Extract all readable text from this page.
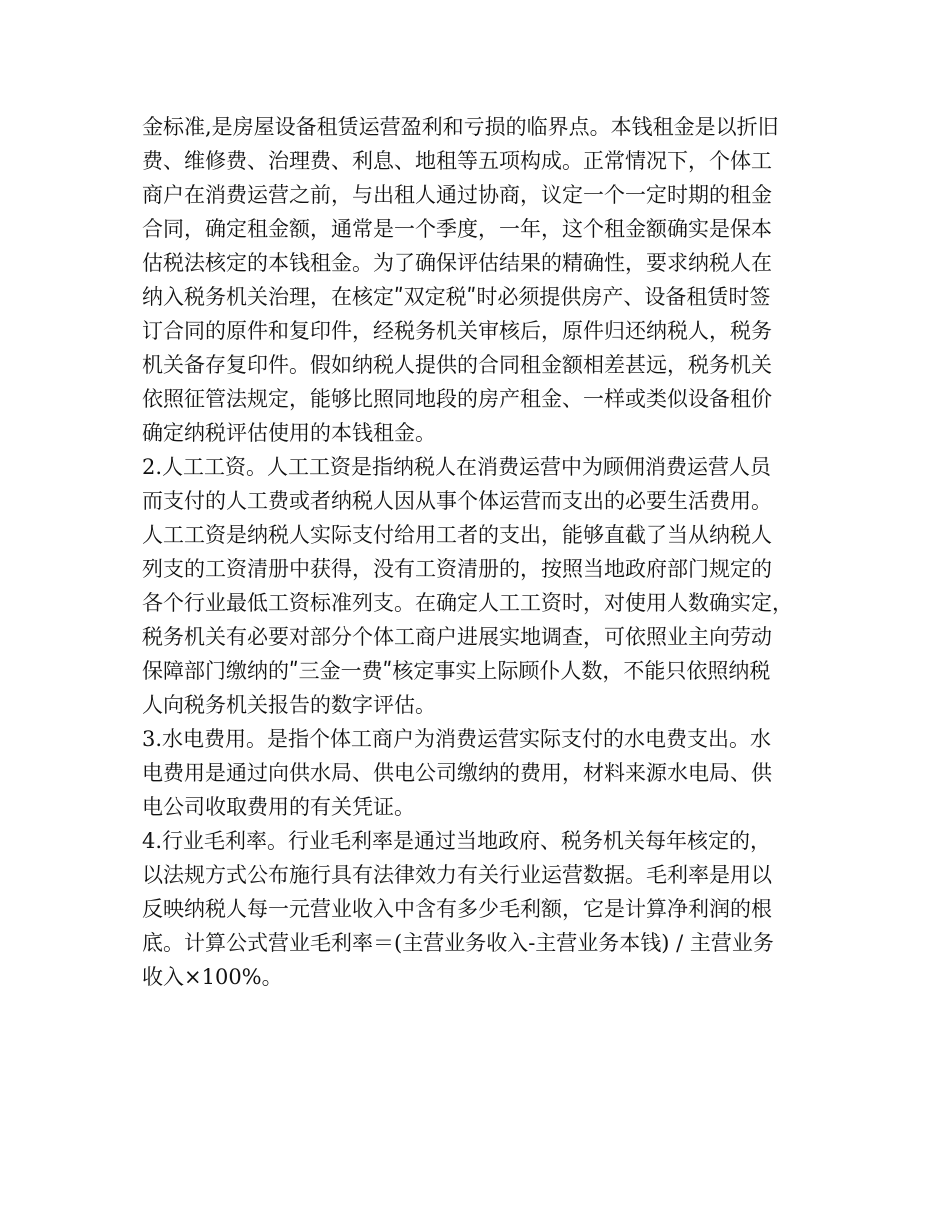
金标准,是房屋设备租赁运营盈利和亏损的临界点。本钱租金是以折旧
费、维修费、治理费、利息、地租等五项构成。正常情况下，个体工
商户在消费运营之前，与出租人通过协商，议定一个一定时期的租金
合同，确定租金额，通常是一个季度，一年，这个租金额确实是保本
估税法核定的本钱租金。为了确保评估结果的精确性，要求纳税人在
纳入税务机关治理，在核定ʺ双定税ʺ时必须提供房产、设备租赁时签
订合同的原件和复印件，经税务机关审核后，原件归还纳税人，税务
机关备存复印件。假如纳税人提供的合同租金额相差甚远，税务机关
依照征管法规定，能够比照同地段的房产租金、一样或类似设备租价
确定纳税评估使用的本钱租金。
2.人工工资。人工工资是指纳税人在消费运营中为顾佣消费运营人员
而支付的人工费或者纳税人因从事个体运营而支出的必要生活费用。
人工工资是纳税人实际支付给用工者的支出，能够直截了当从纳税人
列支的工资清册中获得，没有工资清册的，按照当地政府部门规定的
各个行业最低工资标准列支。在确定人工工资时，对使用人数确实定，
税务机关有必要对部分个体工商户进展实地调查，可依照业主向劳动
保障部门缴纳的ʺ三金一费ʺ核定事实上际顾仆人数，不能只依照纳税
人向税务机关报告的数字评估。
3.水电费用。是指个体工商户为消费运营实际支付的水电费支出。水
电费用是通过向供水局、供电公司缴纳的费用，材料来源水电局、供
电公司收取费用的有关凭证。
4.行业毛利率。行业毛利率是通过当地政府、税务机关每年核定的，
以法规方式公布施行具有法律效力有关行业运营数据。毛利率是用以
反映纳税人每一元营业收入中含有多少毛利额，它是计算净利润的根
底。计算公式营业毛利率＝(主营业务收入-主营业务本钱) / 主营业务
收入×100%。
